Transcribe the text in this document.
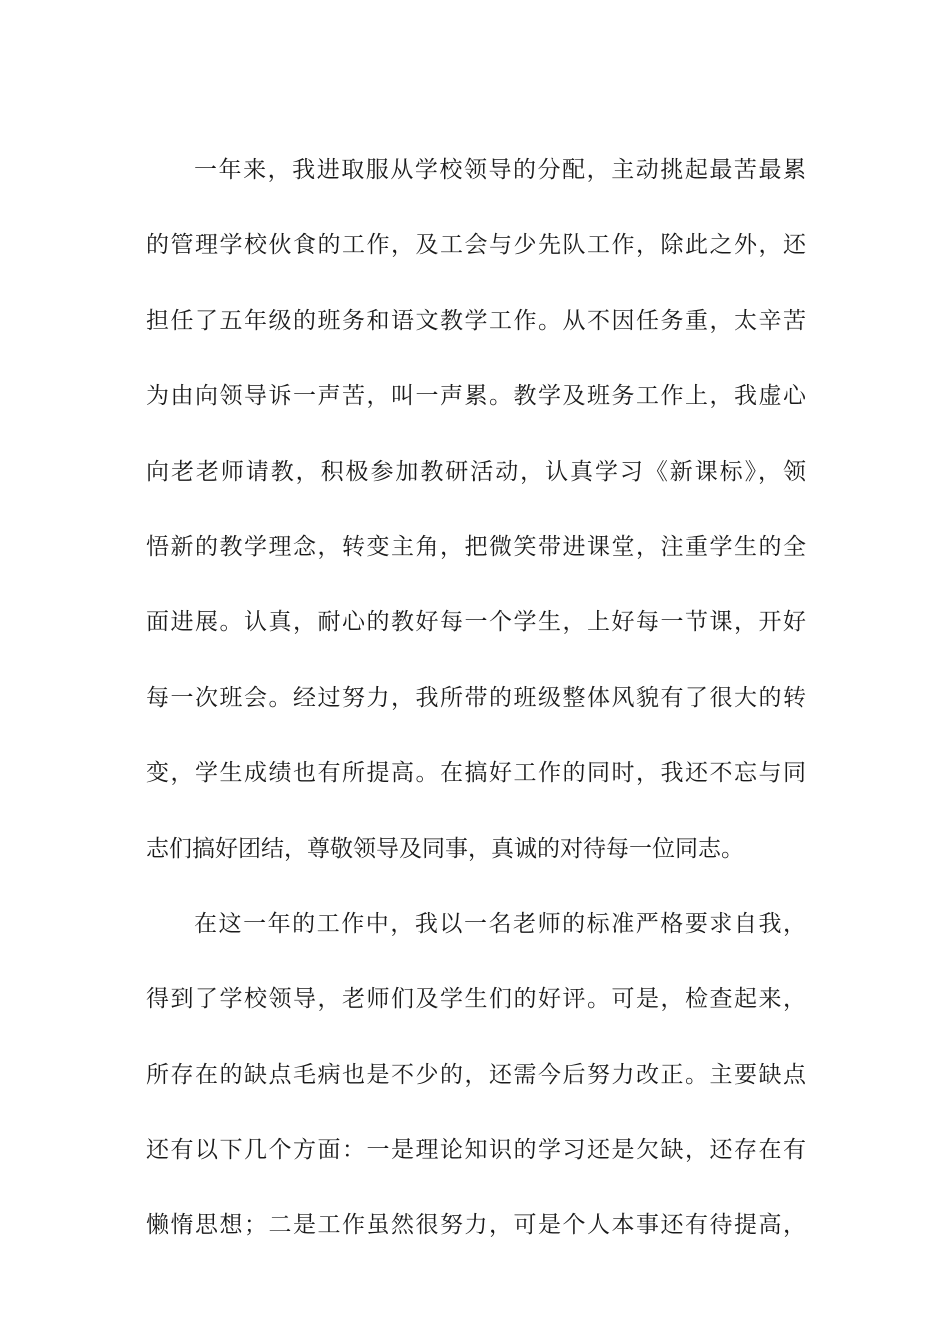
一年来，我进取服从学校领导的分配，主动挑起最苦最累
的管理学校伙食的工作，及工会与少先队工作，除此之外，还
担任了五年级的班务和语文教学工作。从不因任务重，太辛苦
为由向领导诉一声苦，叫一声累。教学及班务工作上，我虚心
向老老师请教，积极参加教研活动，认真学习《新课标》，领
悟新的教学理念，转变主角，把微笑带进课堂，注重学生的全
面进展。认真，耐心的教好每一个学生，上好每一节课，开好
每一次班会。经过努力，我所带的班级整体风貌有了很大的转
变，学生成绩也有所提高。在搞好工作的同时，我还不忘与同
志们搞好团结，尊敬领导及同事，真诚的对待每一位同志。
在这一年的工作中，我以一名老师的标准严格要求自我，
得到了学校领导，老师们及学生们的好评。可是，检查起来，
所存在的缺点毛病也是不少的，还需今后努力改正。主要缺点
还有以下几个方面：一是理论知识的学习还是欠缺，还存在有
懒惰思想；二是工作虽然很努力，可是个人本事还有待提高，
